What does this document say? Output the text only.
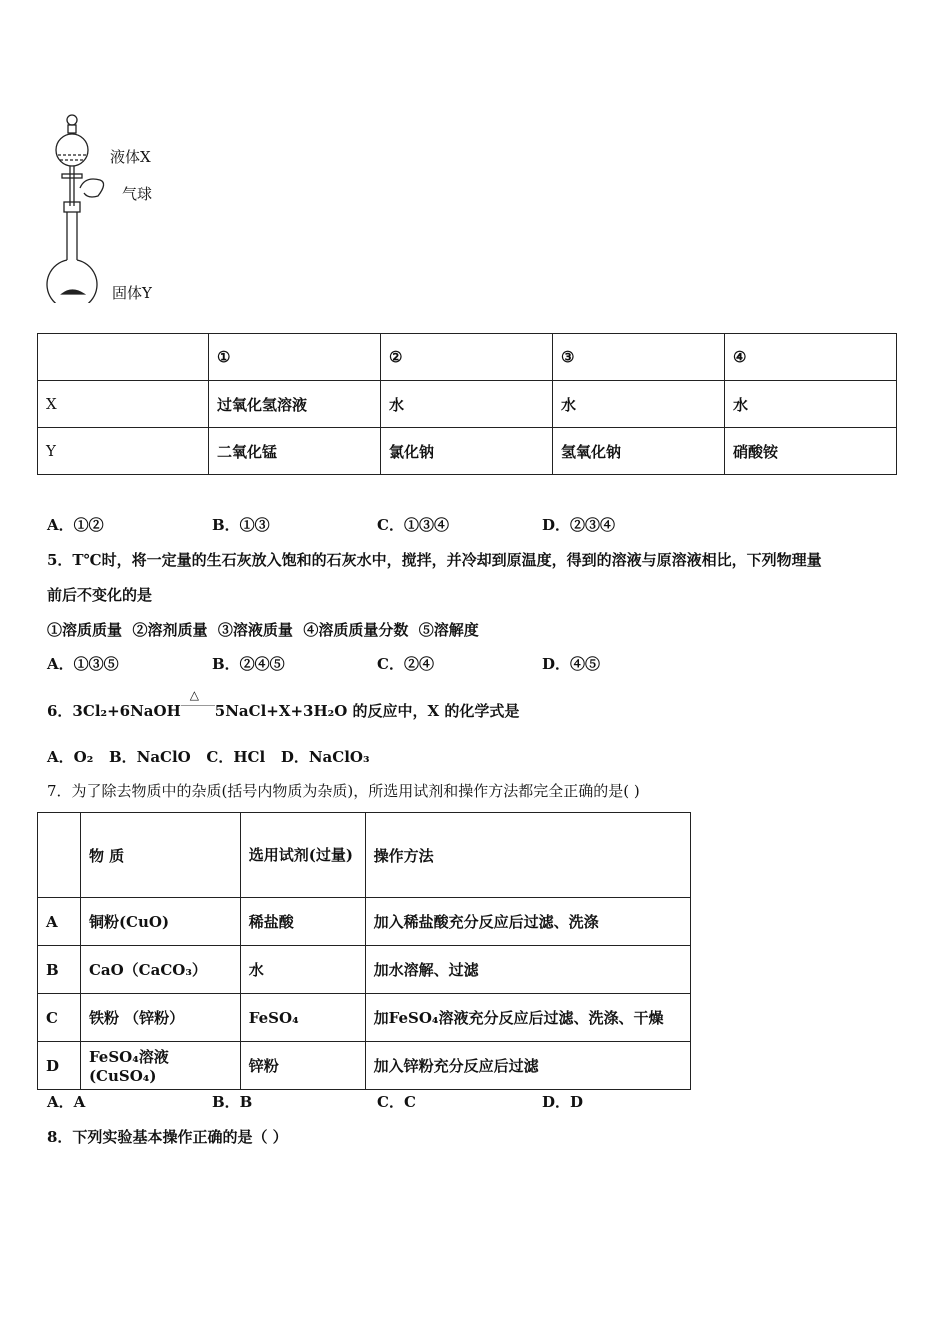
液体X
气球
固体Y
	①	②	③	④
X	过氧化氢溶液	水	水	水
Y	二氧化锰	氯化钠	氢氧化钠	硝酸铵
A．①②	B．①③	C．①③④	D．②③④
5．T℃时，将一定量的生石灰放入饱和的石灰水中，搅拌，并冷却到原温度，得到的溶液与原溶液相比，下列物理量
前后不变化的是
①溶质质量  ②溶剂质量  ③溶液质量  ④溶质质量分数  ⑤溶解度
A．①③⑤	B．②④⑤	C．②④	D．④⑤
6．3Cl₂+6NaOH
△
5NaCl+X+3H₂O 的反应中，X 的化学式是
A．O₂   B．NaClO   C．HCl   D．NaClO₃
7．为了除去物质中的杂质(括号内物质为杂质)，所选用试剂和操作方法都完全正确的是( )
	物 质	选用试剂(过量)	操作方法
A	铜粉(CuO)	稀盐酸	加入稀盐酸充分反应后过滤、洗涤
B	CaO（CaCO₃）	水	加水溶解、过滤
C	铁粉 （锌粉）	FeSO₄	加FeSO₄溶液充分反应后过滤、洗涤、干燥
D	FeSO₄溶液(CuSO₄)	锌粉	加入锌粉充分反应后过滤
A．A	B．B	C．C	D．D
8．下列实验基本操作正确的是（ ）
